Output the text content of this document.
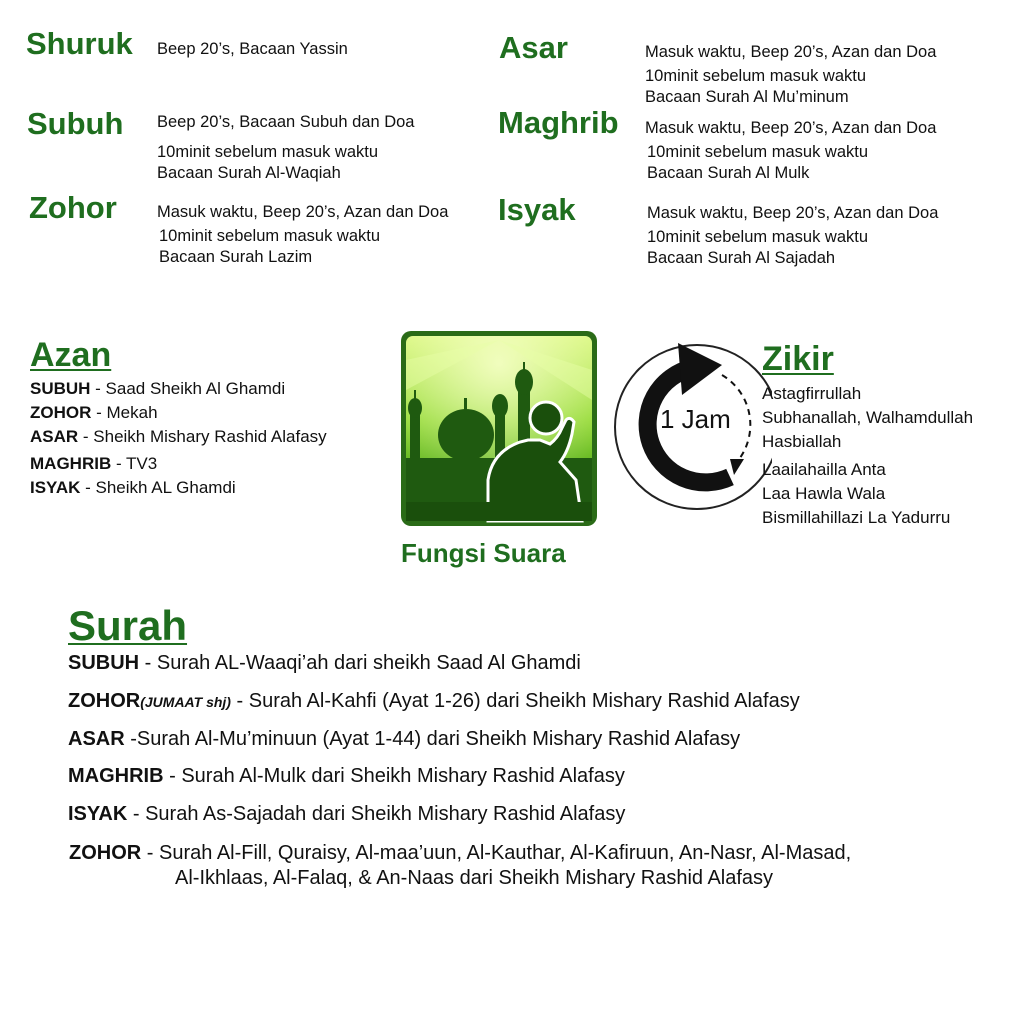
Shuruk Beep 20’s, Bacaan Yassin
Subuh Beep 20’s, Bacaan Subuh dan Doa
10minit sebelum masuk waktu
Bacaan Surah Al-Waqiah
Zohor Masuk waktu, Beep 20’s, Azan dan Doa
10minit sebelum masuk waktu
Bacaan Surah Lazim
Asar	Masuk waktu, Beep 20’s, Azan dan Doa
10minit sebelum masuk waktu
Bacaan Surah Al Mu’minum
Maghrib Masuk waktu, Beep 20’s, Azan dan Doa
10minit sebelum masuk waktu
Bacaan Surah Al Mulk
Isyak	Masuk waktu, Beep 20’s, Azan dan Doa
10minit sebelum masuk waktu
Bacaan Surah Al Sajadah
Azan
SUBUH - Saad Sheikh Al Ghamdi
ZOHOR - Mekah
ASAR - Sheikh Mishary Rashid Alafasy
MAGHRIB - TV3
ISYAK - Sheikh AL Ghamdi
Fungsi Suara
1 Jam
Zikir
Astagfirrullah
Subhanallah, Walhamdullah
Hasbiallah
Laailahailla Anta
Laa Hawla Wala
Bismillahillazi La Yadurru
Surah
SUBUH - Surah AL-Waaqi’ah dari sheikh Saad Al Ghamdi
ZOHOR(JUMAAT shj) - Surah Al-Kahfi (Ayat 1-26) dari Sheikh Mishary Rashid Alafasy
ASAR -Surah Al-Mu’minuun (Ayat 1-44) dari Sheikh Mishary Rashid Alafasy
MAGHRIB - Surah Al-Mulk dari Sheikh Mishary Rashid Alafasy
ISYAK - Surah As-Sajadah dari Sheikh Mishary Rashid Alafasy
ZOHOR - Surah Al-Fill, Quraisy, Al-maa’uun, Al-Kauthar, Al-Kafiruun, An-Nasr, Al-Masad,
Al-Ikhlaas, Al-Falaq, & An-Naas dari Sheikh Mishary Rashid Alafasy
